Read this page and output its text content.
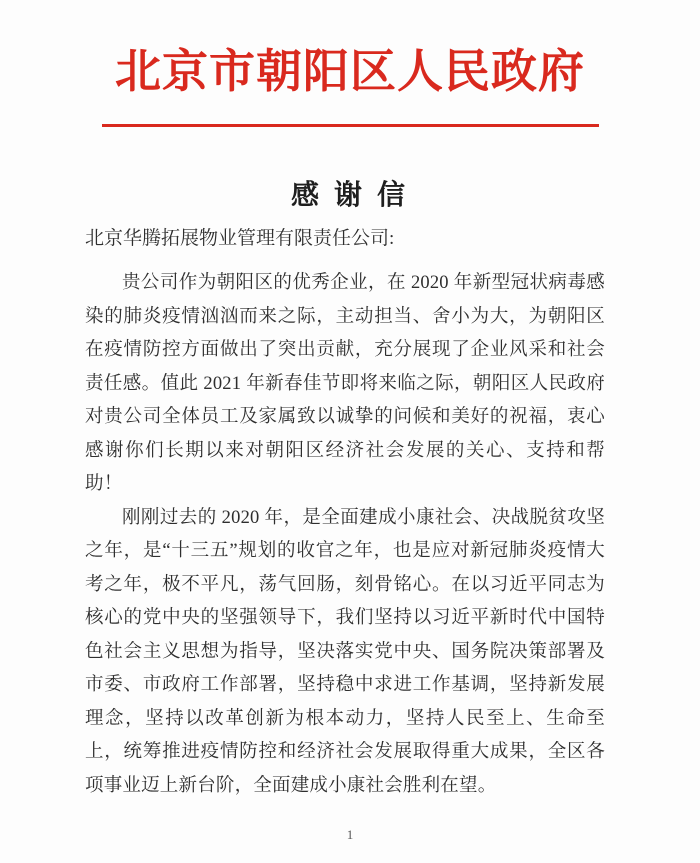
北京市朝阳区人民政府
感 谢 信
北京华腾拓展物业管理有限责任公司:

贵公司作为朝阳区的优秀企业，在 2020 年新型冠状病毒感染的肺炎疫情汹汹而来之际，主动担当、舍小为大，为朝阳区在疫情防控方面做出了突出贡献，充分展现了企业风采和社会责任感。值此 2021 年新春佳节即将来临之际，朝阳区人民政府对贵公司全体员工及家属致以诚挚的问候和美好的祝福，衷心感谢你们长期以来对朝阳区经济社会发展的关心、支持和帮助！

刚刚过去的 2020 年，是全面建成小康社会、决战脱贫攻坚之年，是“十三五”规划的收官之年，也是应对新冠肺炎疫情大考之年，极不平凡，荡气回肠，刻骨铭心。在以习近平同志为核心的党中央的坚强领导下，我们坚持以习近平新时代中国特色社会主义思想为指导，坚决落实党中央、国务院决策部署及市委、市政府工作部署，坚持稳中求进工作基调，坚持新发展理念，坚持以改革创新为根本动力，坚持人民至上、生命至上，统筹推进疫情防控和经济社会发展取得重大成果，全区各项事业迈上新台阶，全面建成小康社会胜利在望。

1
